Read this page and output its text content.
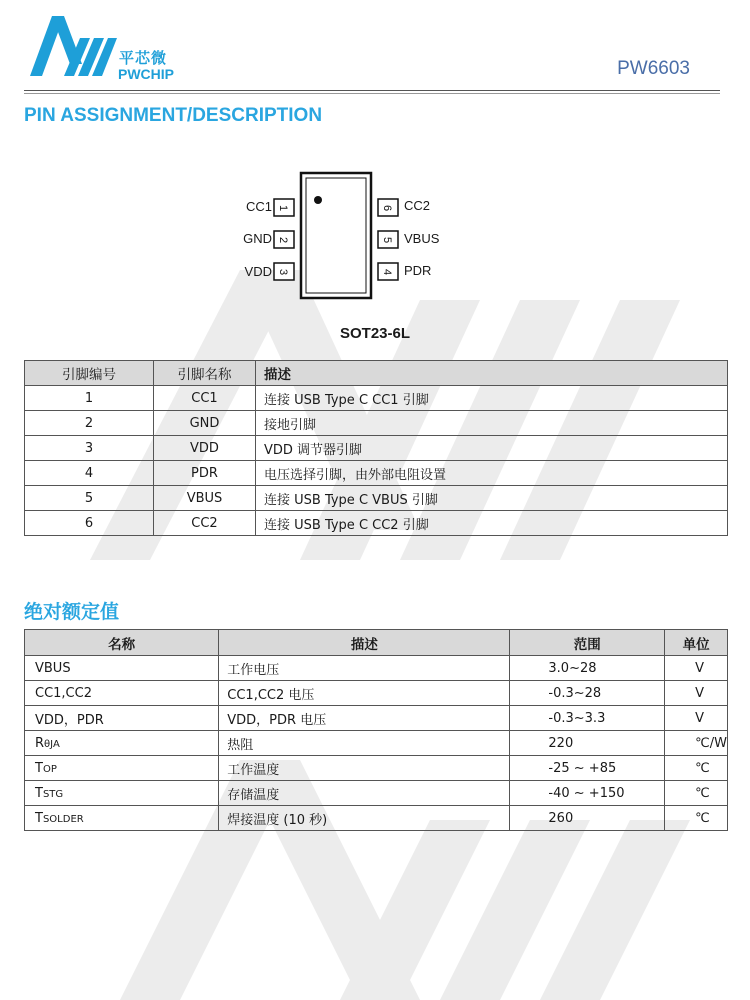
平芯微
PWCHIP	PW6603
PIN ASSIGNMENT/DESCRIPTION
1
2
3
6
5
4
CC1
GND
VDD
CC2
VBUS
PDR
SOT23-6L
引脚编号	引脚名称	描述
1	CC1	连接 USB Type C CC1 引脚
2	GND	接地引脚
3	VDD	VDD 调节器引脚
4	PDR	电压选择引脚，由外部电阻设置
5	VBUS	连接 USB Type C VBUS 引脚
6	CC2	连接 USB Type C CC2 引脚
绝对额定值
名称	描述	范围	单位
VBUS	工作电压	3.0~28	V
CC1,CC2	CC1,CC2 电压	-0.3~28	V
VDD，PDR	VDD，PDR 电压	-0.3~3.3	V
RθJA	热阻	220	℃/W
TOP	工作温度	-25 ~ +85	℃
TSTG	存储温度	-40 ~ +150	℃
TSOLDER	焊接温度 (10 秒)	260	℃
